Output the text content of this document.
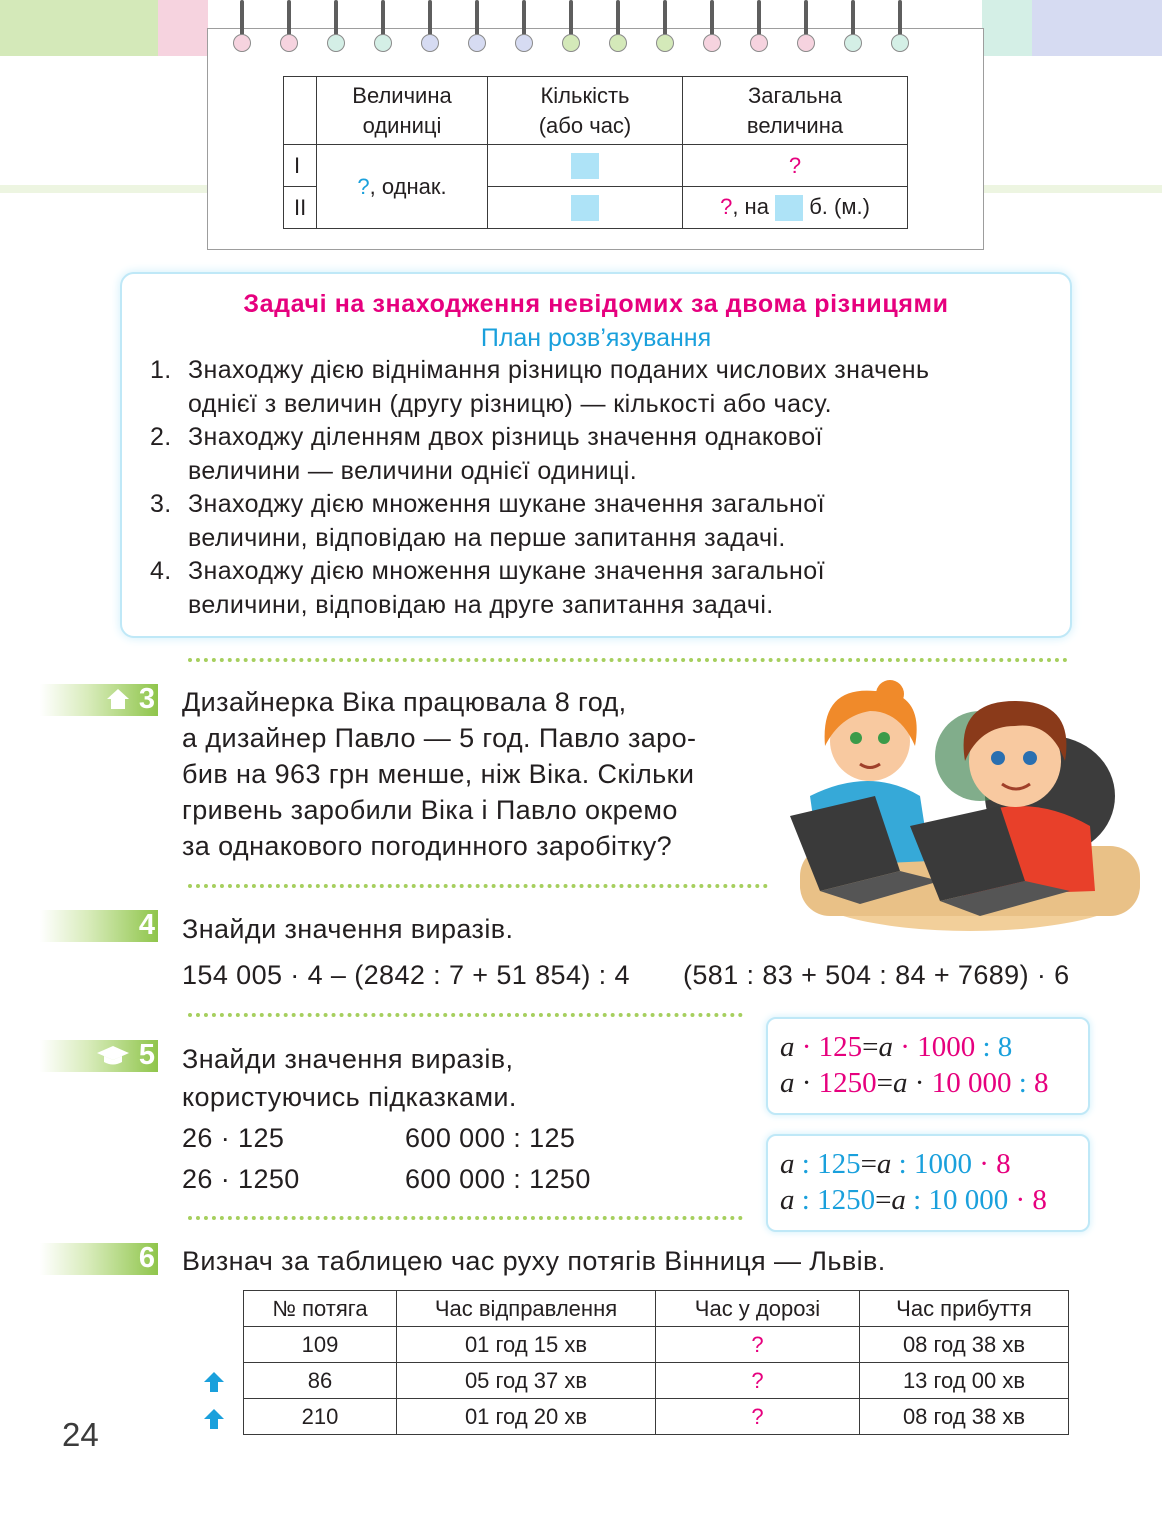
	Величина одиниці	Кількість (або час)	Загальна величина
I	?, однак.		?
II			?, на б. (м.)
Задачі на знаходження невідомих за двома різницями
План розв’язування
1. Знаходжу дією віднімання різницю поданих числових значень
однієї з величин (другу різницю) — кількості або часу.
2. Знаходжу діленням двох різниць значення однакової
величини — величини однієї одиниці.
3. Знаходжу дією множення шукане значення загальної
величини, відповідаю на перше запитання задачі.
4. Знаходжу дією множення шукане значення загальної
величини, відповідаю на друге запитання задачі.
3 Дизайнерка Віка працювала 8 год,
а дизайнер Павло — 5 год. Павло заро-
бив на 963 грн менше, ніж Віка. Скільки
гривень заробили Віка і Павло окремо
за однакового погодинного заробітку?
4 Знайди значення виразів.
154 005 · 4 – (2842 : 7 + 51 854) : 4 (581 : 83 + 504 : 84 + 7689) · 6
5 Знайди значення виразів,
користуючись підказками.
26 · 125
26 · 1250
600 000 : 125
600 000 : 1250
a · 125=a · 1000 : 8
a · 1250=a · 10 000 : 8
a : 125=a : 1000 · 8
a : 1250=a : 10 000 · 8
6 Визнач за таблицею час руху потягів Вінниця — Львів.
№ потяга	Час відправлення	Час у дорозі	Час прибуття
109	01 год 15 хв	?	08 год 38 хв
86	05 год 37 хв	?	13 год 00 хв
210	01 год 20 хв	?	08 год 38 хв
24
